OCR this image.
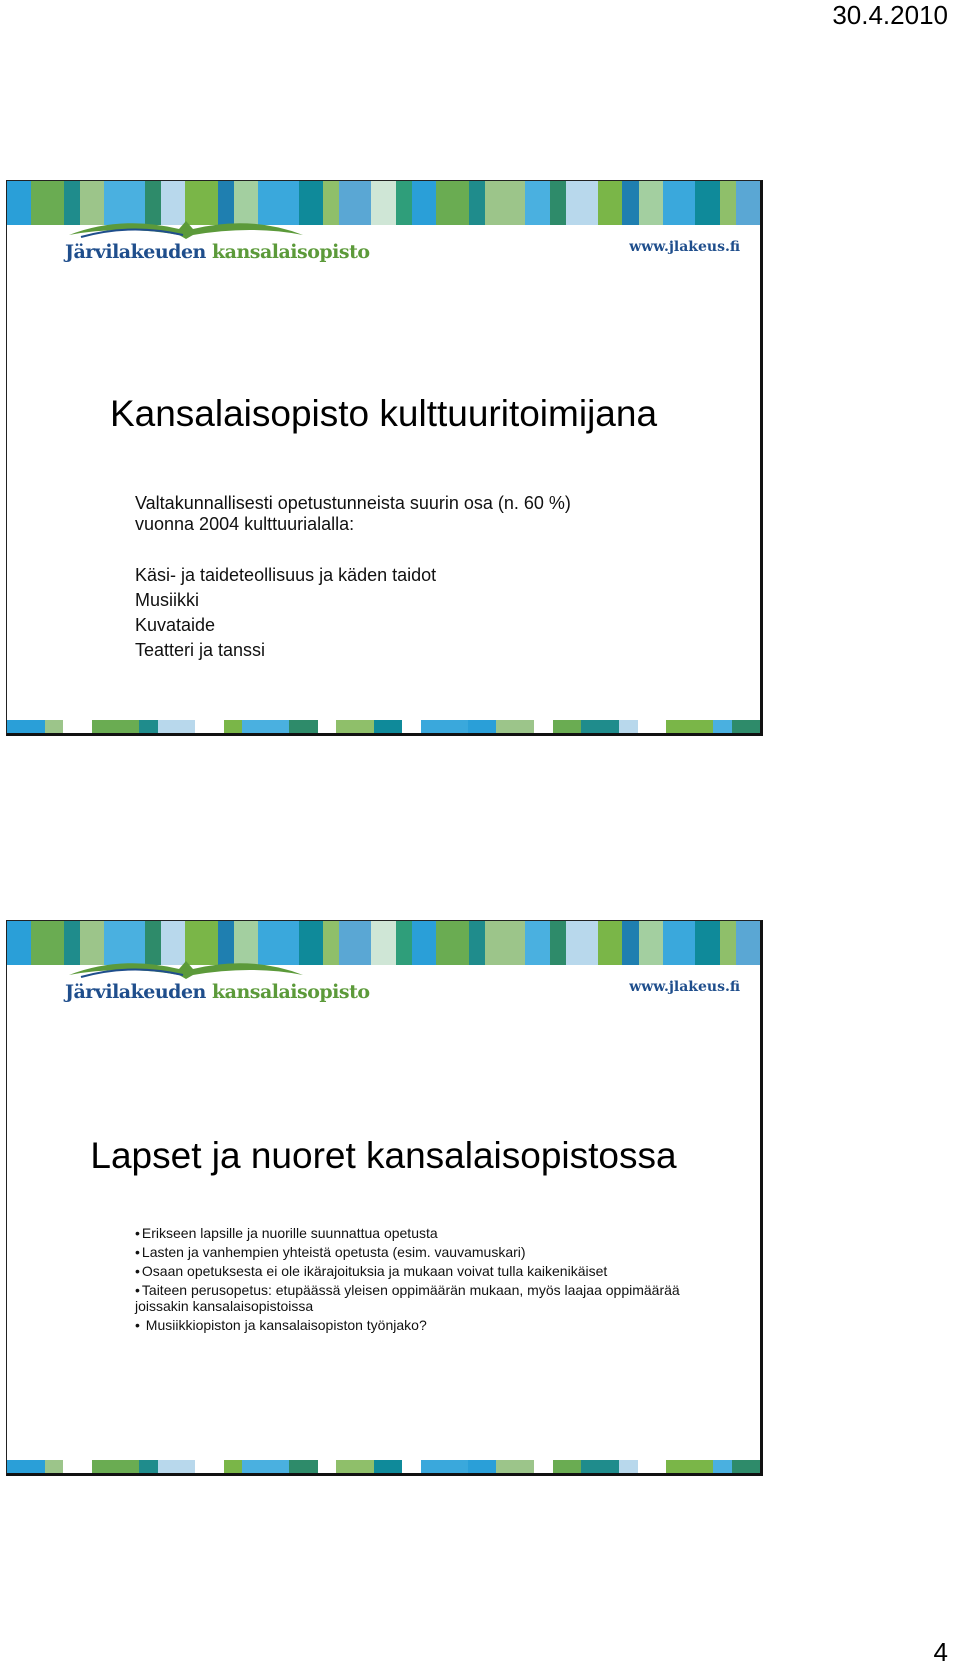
30.4.2010
Järvilakeuden kansalaisopisto	www.jlakeus.fi
Kansalaisopisto kulttuuritoimijana
Valtakunnallisesti opetustunneista suurin osa (n. 60 %)
vuonna 2004 kulttuurialalla:
Käsi- ja taideteollisuus ja käden taidot
Musiikki
Kuvataide
Teatteri ja tanssi
Järvilakeuden kansalaisopisto	www.jlakeus.fi
Lapset ja nuoret kansalaisopistossa
• Erikseen lapsille ja nuorille suunnattua opetusta
• Lasten ja vanhempien yhteistä opetusta (esim. vauvamuskari)
• Osaan opetuksesta ei ole ikärajoituksia ja mukaan voivat tulla kaikenikäiset
• Taiteen perusopetus: etupäässä yleisen oppimäärän mukaan, myös laajaa oppimäärää joissakin kansalaisopistoissa
• Musiikkiopiston ja kansalaisopiston työnjako?
4
